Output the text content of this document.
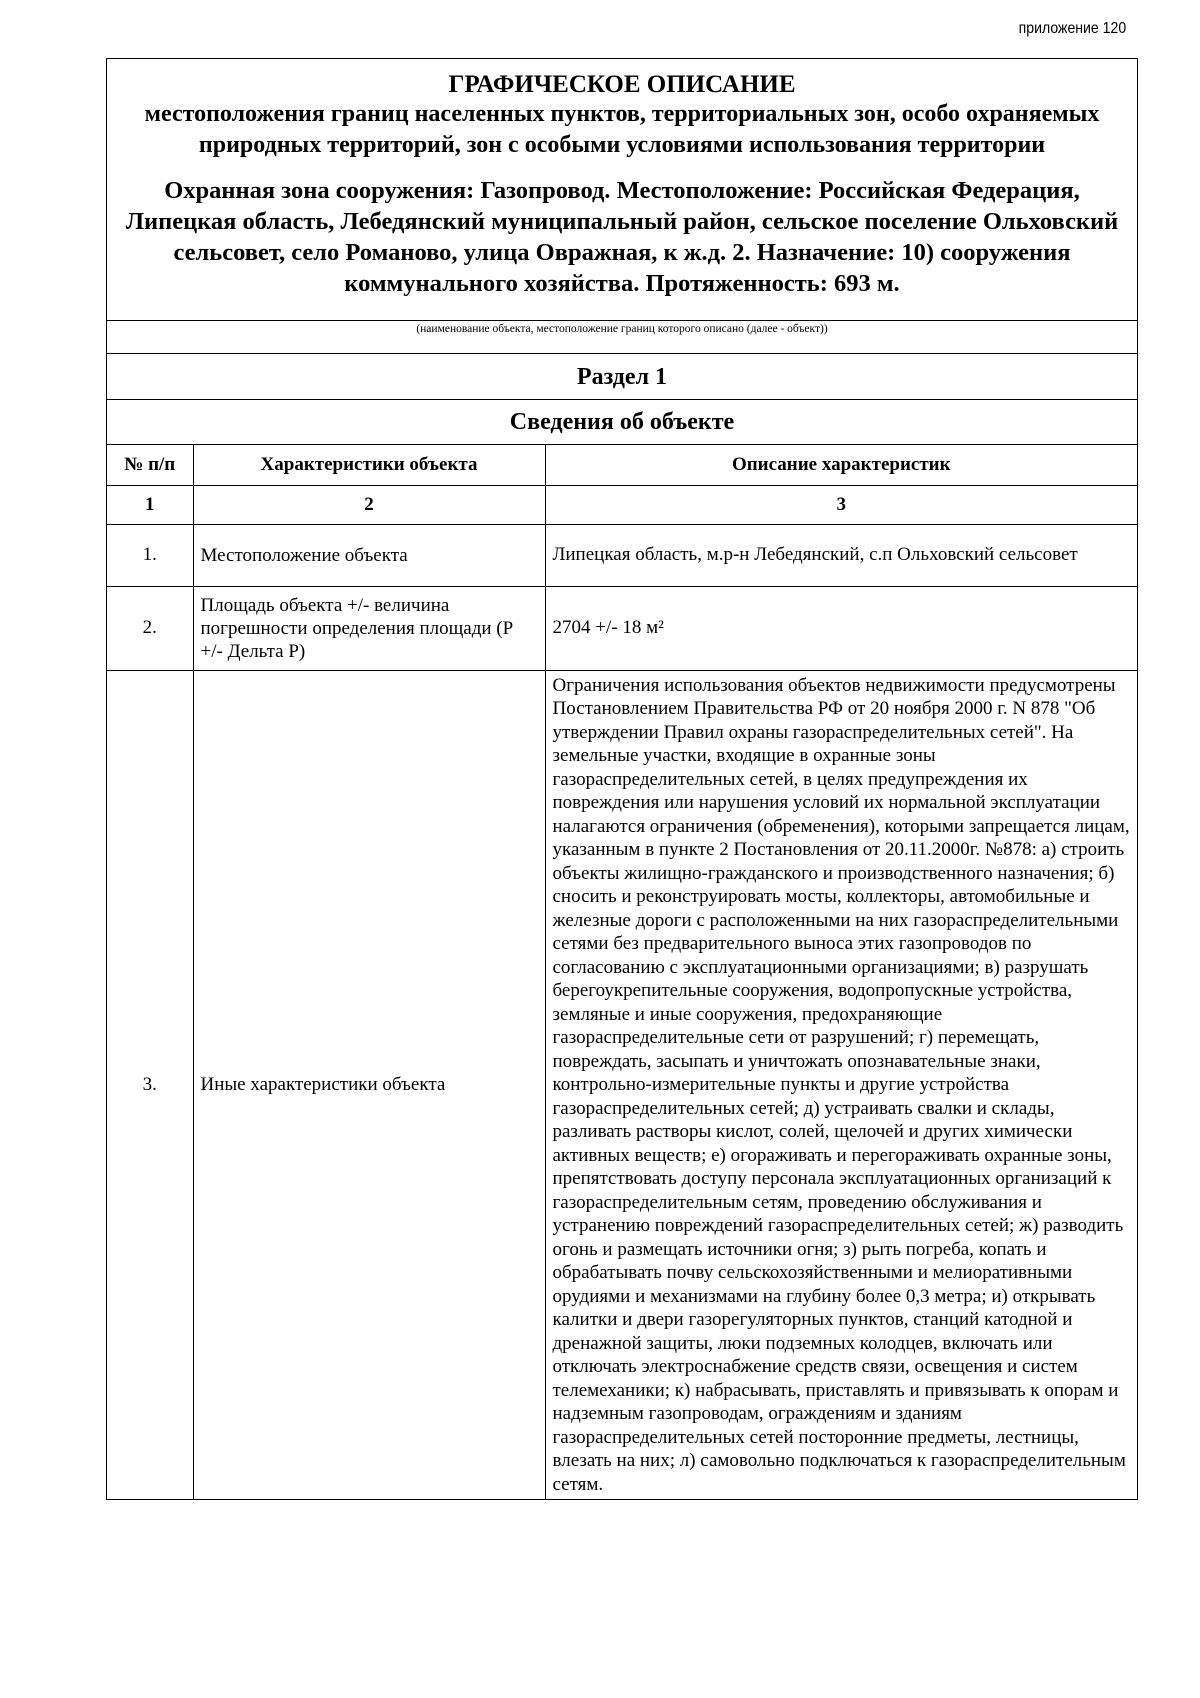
приложение 120
ГРАФИЧЕСКОЕ ОПИСАНИЕ
местоположения границ населенных пунктов, территориальных зон, особо охраняемых природных территорий, зон с особыми условиями использования территории
Охранная зона сооружения: Газопровод. Местоположение: Российская Федерация, Липецкая область, Лебедянский муниципальный район, сельское поселение Ольховский сельсовет, село Романово, улица Овражная, к ж.д. 2. Назначение: 10) сооружения коммунального хозяйства. Протяженность: 693 м.
(наименование объекта, местоположение границ которого описано (далее - объект))
Раздел 1
Сведения об объекте
№ п/п	Характеристики объекта	Описание характеристик
1	2	3
1.	Местоположение объекта	Липецкая область, м.р-н Лебедянский, с.п Ольховский сельсовет
2.	Площадь объекта +/- величина погрешности определения площади (Р +/- Дельта Р)	2704 +/- 18 м²
3.	Иные характеристики объекта	Ограничения использования объектов недвижимости предусмотрены Постановлением Правительства РФ от 20 ноября 2000 г. N 878 "Об утверждении Правил охраны газораспределительных сетей". На земельные участки, входящие в охранные зоны газораспределительных сетей, в целях предупреждения их повреждения или нарушения условий их нормальной эксплуатации налагаются ограничения (обременения), которыми запрещается лицам, указанным в пункте 2 Постановления от 20.11.2000г. №878: а) строить объекты жилищно-гражданского и производственного назначения; б) сносить и реконструировать мосты, коллекторы, автомобильные и железные дороги с расположенными на них газораспределительными сетями без предварительного выноса этих газопроводов по согласованию с эксплуатационными организациями; в) разрушать берегоукрепительные сооружения, водопропускные устройства, земляные и иные сооружения, предохраняющие газораспределительные сети от разрушений; г) перемещать, повреждать, засыпать и уничтожать опознавательные знаки, контрольно-измерительные пункты и другие устройства газораспределительных сетей; д) устраивать свалки и склады, разливать растворы кислот, солей, щелочей и других химически активных веществ; е) огораживать и перегораживать охранные зоны, препятствовать доступу персонала эксплуатационных организаций к газораспределительным сетям, проведению обслуживания и устранению повреждений газораспределительных сетей; ж) разводить огонь и размещать источники огня; з) рыть погреба, копать и обрабатывать почву сельскохозяйственными и мелиоративными орудиями и механизмами на глубину более 0,3 метра; и) открывать калитки и двери газорегуляторных пунктов, станций катодной и дренажной защиты, люки подземных колодцев, включать или отключать электроснабжение средств связи, освещения и систем телемеханики; к) набрасывать, приставлять и привязывать к опорам и надземным газопроводам, ограждениям и зданиям газораспределительных сетей посторонние предметы, лестницы, влезать на них; л) самовольно подключаться к газораспределительным сетям.
